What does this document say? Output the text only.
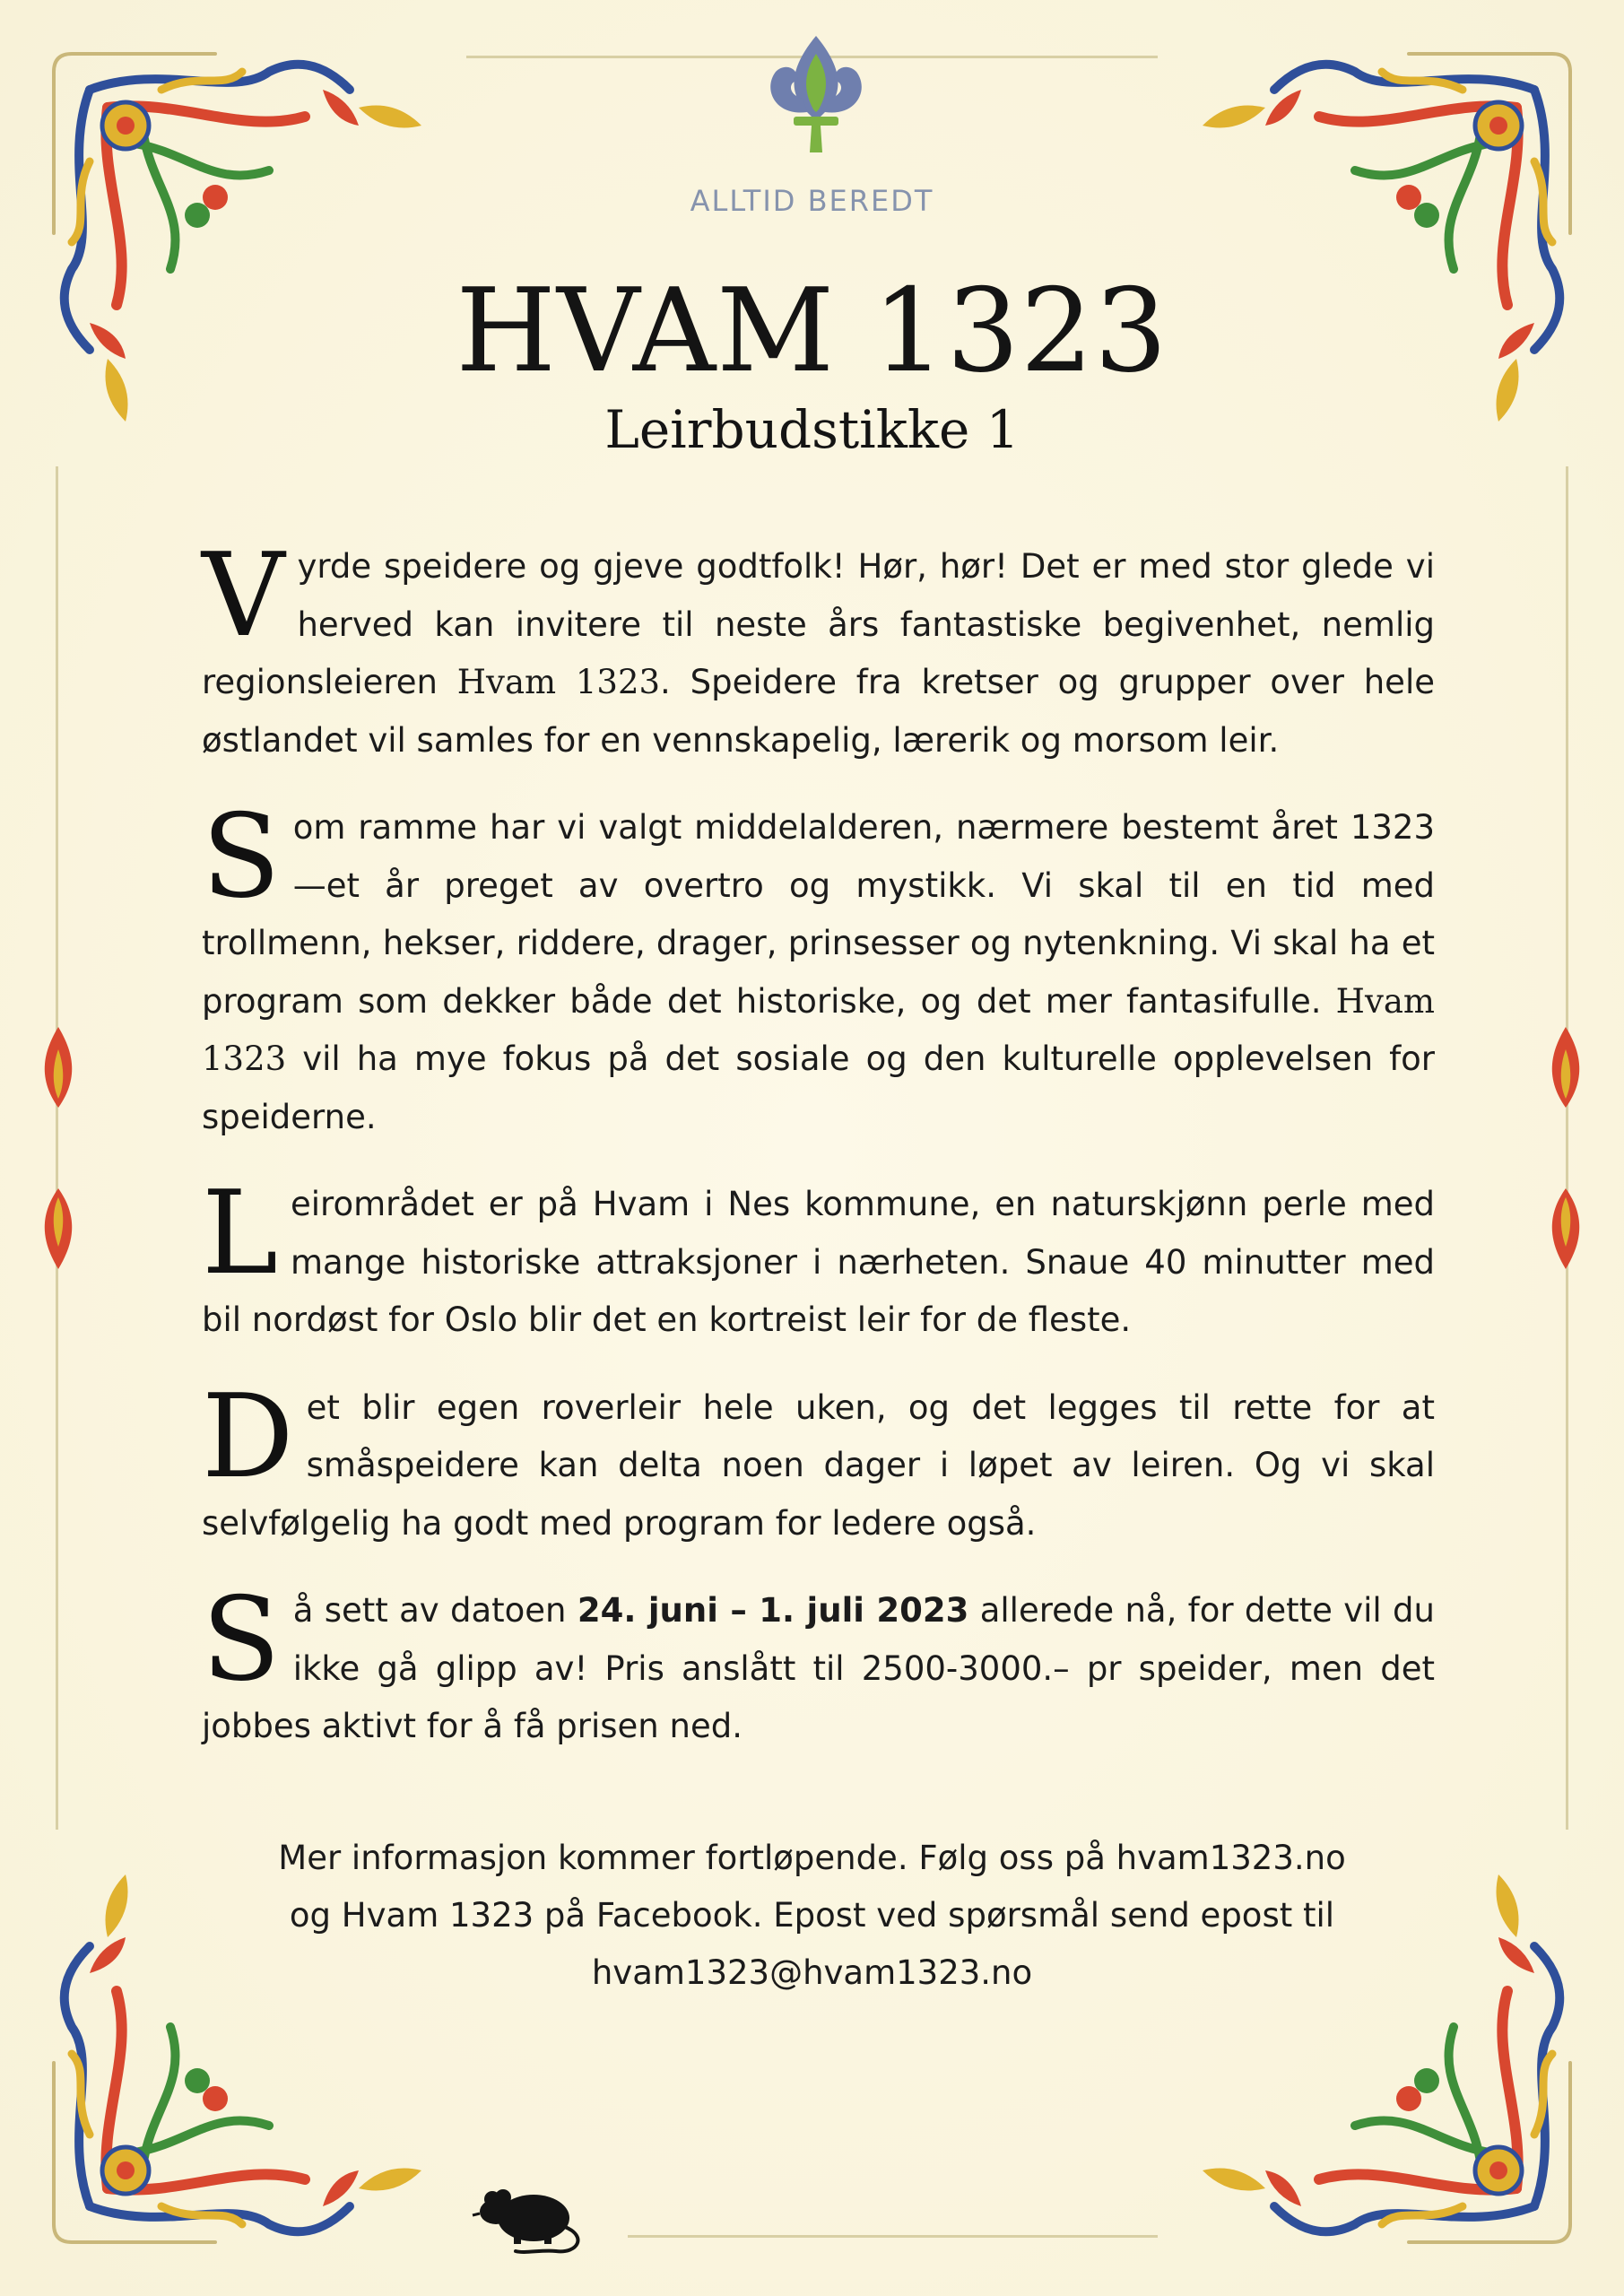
ALLTID BEREDT
HVAM 1323
Leirbudstikke 1

Vyrde speidere og gjeve godtfolk! Hør, hør! Det er med stor glede vi herved kan invitere til neste års fantastiske begivenhet, nemlig regionsleieren Hvam 1323. Speidere fra kretser og grupper over hele østlandet vil samles for en vennskapelig, lærerik og morsom leir.

Som ramme har vi valgt middelalderen, nærmere bestemt året 1323—et år preget av overtro og mystikk. Vi skal til en tid med trollmenn, hekser, riddere, drager, prinsesser og nytenkning. Vi skal ha et program som dekker både det historiske, og det mer fantasifulle. Hvam 1323 vil ha mye fokus på det sosiale og den kulturelle opplevelsen for speiderne.

Leirområdet er på Hvam i Nes kommune, en naturskjønn perle med mange historiske attraksjoner i nærheten. Snaue 40 minutter med bil nordøst for Oslo blir det en kortreist leir for de fleste.

Det blir egen roverleir hele uken, og det legges til rette for at småspeidere kan delta noen dager i løpet av leiren. Og vi skal selvfølgelig ha godt med program for ledere også.

Så sett av datoen 24. juni – 1. juli 2023 allerede nå, for dette vil du ikke gå glipp av! Pris anslått til 2500-3000.– pr speider, men det jobbes aktivt for å få prisen ned.

Mer informasjon kommer fortløpende. Følg oss på hvam1323.no
og Hvam 1323 på Facebook. Epost ved spørsmål send epost til
hvam1323@hvam1323.no
